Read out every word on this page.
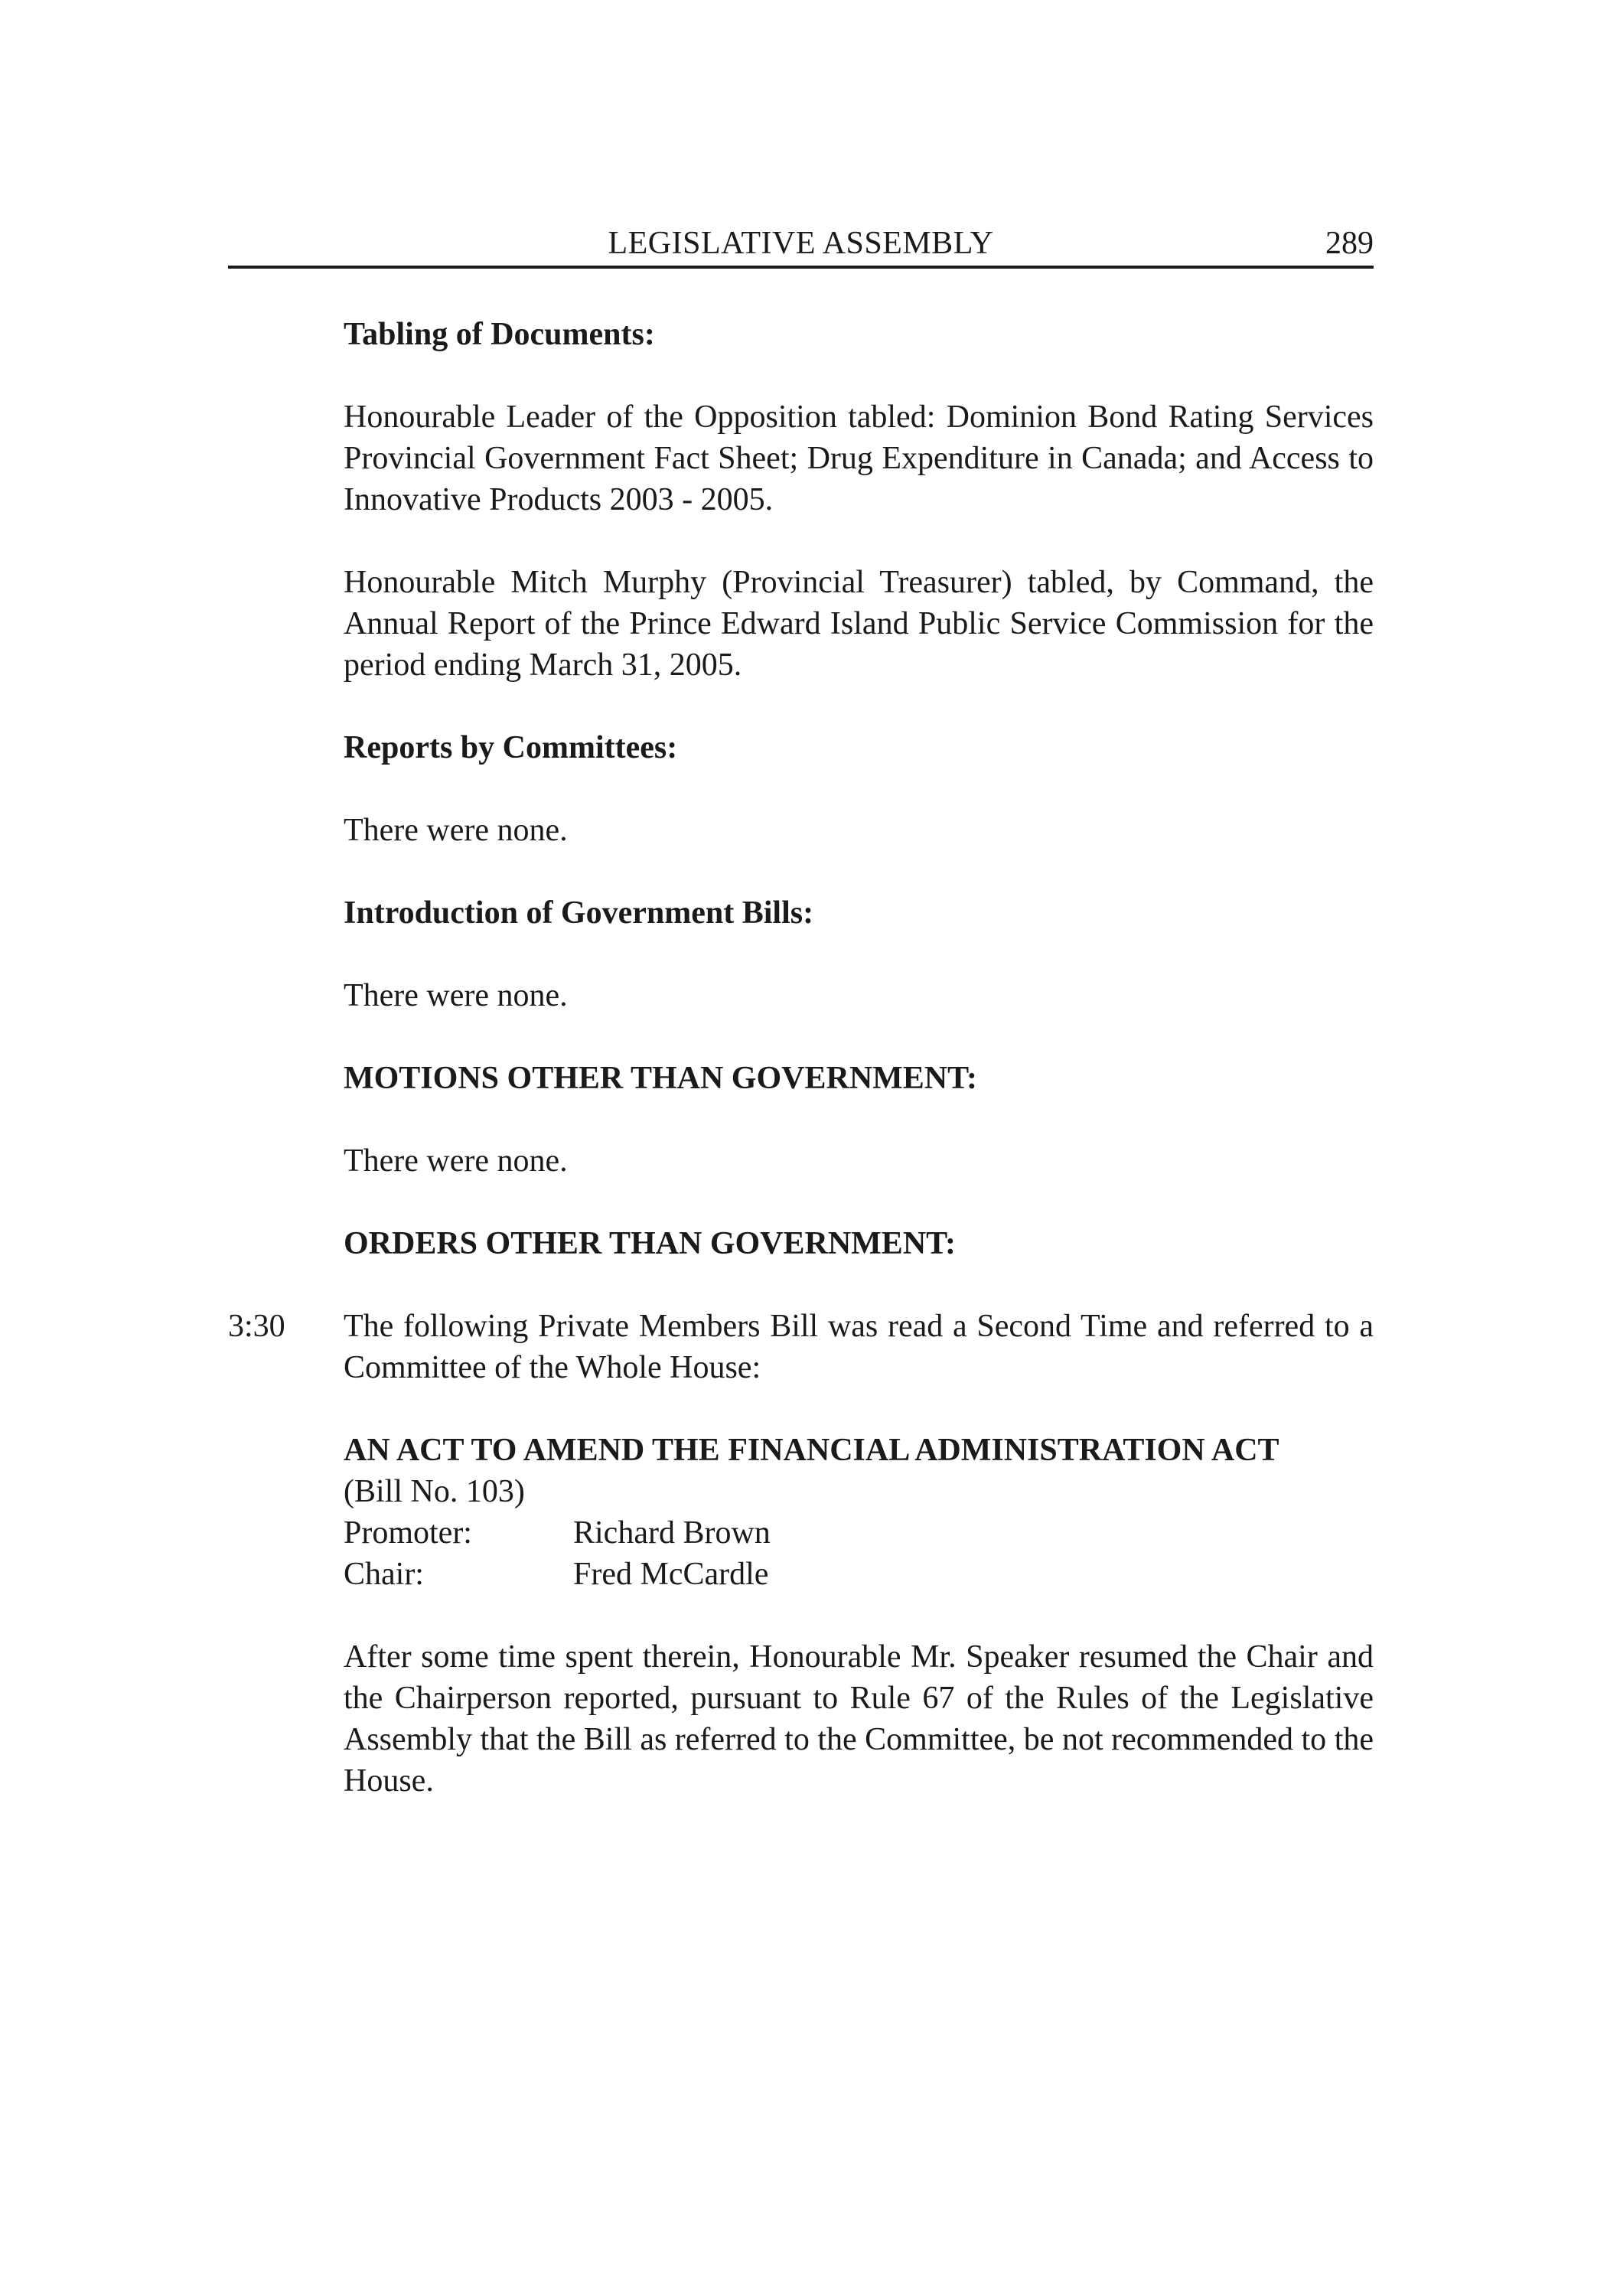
LEGISLATIVE ASSEMBLY	289
Tabling of Documents:

Honourable Leader of the Opposition tabled: Dominion Bond Rating Services Provincial Government Fact Sheet; Drug Expenditure in Canada; and Access to Innovative Products 2003 - 2005.

Honourable Mitch Murphy (Provincial Treasurer) tabled, by Command, the Annual Report of the Prince Edward Island Public Service Commission for the period ending March 31, 2005.

Reports by Committees:

There were none.

Introduction of Government Bills:

There were none.

MOTIONS OTHER THAN GOVERNMENT:

There were none.

ORDERS OTHER THAN GOVERNMENT:
3:30 The following Private Members Bill was read a Second Time and referred to a Committee of the Whole House:

AN ACT TO AMEND THE FINANCIAL ADMINISTRATION ACT
(Bill No. 103)
Promoter:	Richard Brown
Chair:	Fred McCardle

After some time spent therein, Honourable Mr. Speaker resumed the Chair and the Chairperson reported, pursuant to Rule 67 of the Rules of the Legislative Assembly that the Bill as referred to the Committee, be not recommended to the House.
